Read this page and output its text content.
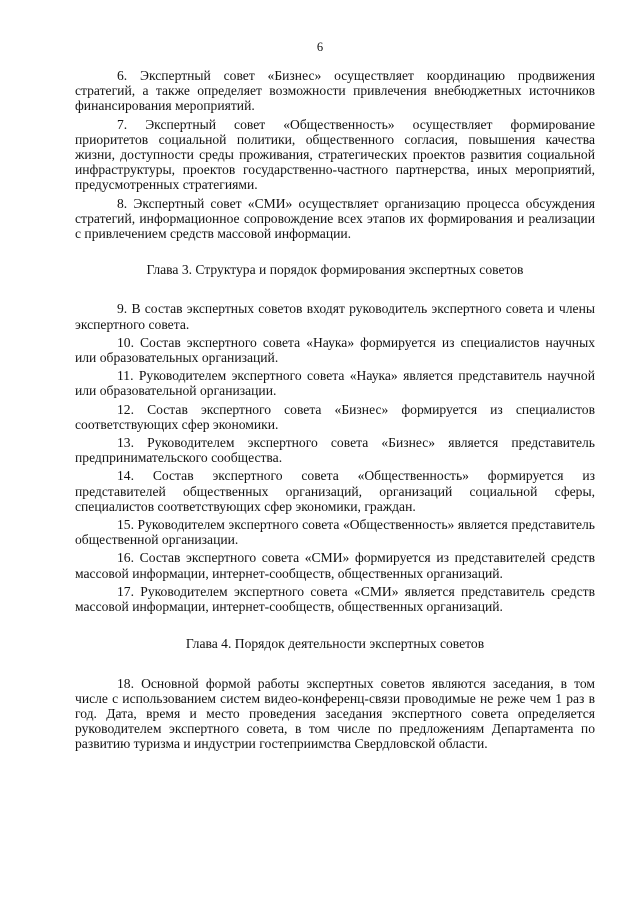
6

6. Экспертный совет «Бизнес» осуществляет координацию продвижения стратегий, а также определяет возможности привлечения внебюджетных источников финансирования мероприятий.

7. Экспертный совет «Общественность» осуществляет формирование приоритетов социальной политики, общественного согласия, повышения качества жизни, доступности среды проживания, стратегических проектов развития социальной инфраструктуры, проектов государственно-частного партнерства, иных мероприятий, предусмотренных стратегиями.

8. Экспертный совет «СМИ» осуществляет организацию процесса обсуждения стратегий, информационное сопровождение всех этапов их формирования и реализации с привлечением средств массовой информации.

Глава 3. Структура и порядок формирования экспертных советов

9. В состав экспертных советов входят руководитель экспертного совета и члены экспертного совета.

10. Состав экспертного совета «Наука» формируется из специалистов научных или образовательных организаций.

11. Руководителем экспертного совета «Наука» является представитель научной или образовательной организации.

12. Состав экспертного совета «Бизнес» формируется из специалистов соответствующих сфер экономики.

13. Руководителем экспертного совета «Бизнес» является представитель предпринимательского сообщества.

14. Состав экспертного совета «Общественность» формируется из представителей общественных организаций, организаций социальной сферы, специалистов соответствующих сфер экономики, граждан.

15. Руководителем экспертного совета «Общественность» является представитель общественной организации.

16. Состав экспертного совета «СМИ» формируется из представителей средств массовой информации, интернет-сообществ, общественных организаций.

17. Руководителем экспертного совета «СМИ» является представитель средств массовой информации, интернет-сообществ, общественных организаций.

Глава 4. Порядок деятельности экспертных советов

18. Основной формой работы экспертных советов являются заседания, в том числе с использованием систем видео-конференц-связи проводимые не реже чем 1 раз в год. Дата, время и место проведения заседания экспертного совета определяется руководителем экспертного совета, в том числе по предложениям Департамента по развитию туризма и индустрии гостеприимства Свердловской области.
